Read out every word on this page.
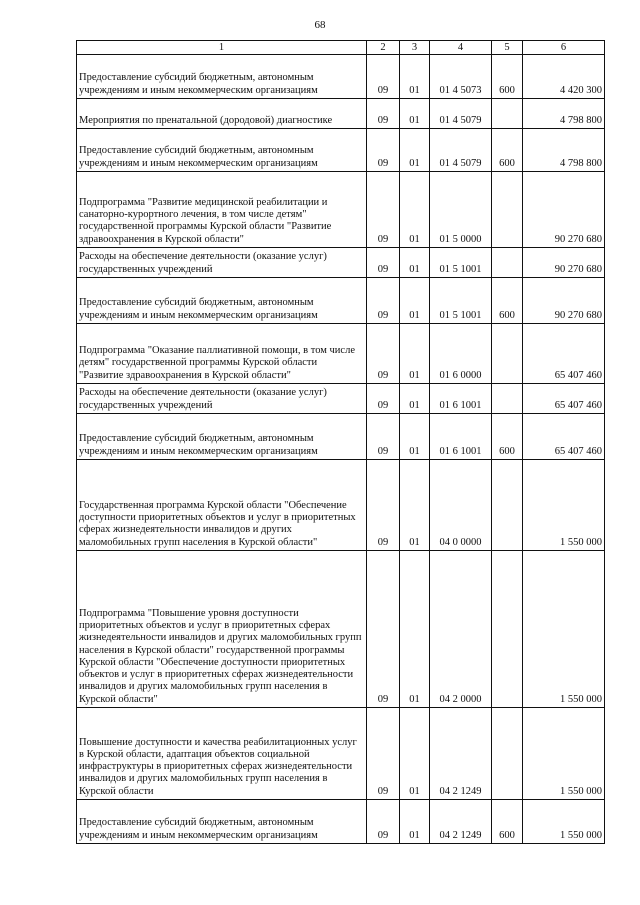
68
1	2	3	4	5	6
Предоставление субсидий бюджетным, автономным учреждениям и иным некоммерческим организациям	09	01	01 4 5073	600	4 420 300
Мероприятия по пренатальной (дородовой) диагностике	09	01	01 4 5079		4 798 800
Предоставление субсидий бюджетным, автономным учреждениям и иным некоммерческим организациям	09	01	01 4 5079	600	4 798 800
Подпрограмма "Развитие медицинской реабилитации и санаторно-курортного лечения, в том числе детям" государственной программы Курской области "Развитие здравоохранения в Курской области"	09	01	01 5 0000		90 270 680
Расходы на обеспечение деятельности (оказание услуг) государственных учреждений	09	01	01 5 1001		90 270 680
Предоставление субсидий бюджетным, автономным учреждениям и иным некоммерческим организациям	09	01	01 5 1001	600	90 270 680
Подпрограмма "Оказание паллиативной помощи, в том числе детям" государственной программы Курской области "Развитие здравоохранения в Курской области"	09	01	01 6 0000		65 407 460
Расходы на обеспечение деятельности (оказание услуг) государственных учреждений	09	01	01 6 1001		65 407 460
Предоставление субсидий бюджетным, автономным учреждениям и иным некоммерческим организациям	09	01	01 6 1001	600	65 407 460
Государственная программа Курской области "Обеспечение доступности приоритетных объектов и услуг в приоритетных сферах жизнедеятельности инвалидов и других маломобильных групп населения в Курской области"	09	01	04 0 0000		1 550 000
Подпрограмма "Повышение уровня доступности приоритетных объектов и услуг в приоритетных сферах жизнедеятельности инвалидов и других маломобильных групп населения в Курской области" государственной программы Курской области "Обеспечение доступности приоритетных объектов и услуг в приоритетных сферах жизнедеятельности инвалидов и других маломобильных групп населения в Курской области"	09	01	04 2 0000		1 550 000
Повышение доступности и качества реабилитационных услуг в Курской области, адаптация объектов социальной инфраструктуры в приоритетных сферах жизнедеятельности инвалидов и других маломобильных групп населения в Курской области	09	01	04 2 1249		1 550 000
Предоставление субсидий бюджетным, автономным учреждениям и иным некоммерческим организациям	09	01	04 2 1249	600	1 550 000
